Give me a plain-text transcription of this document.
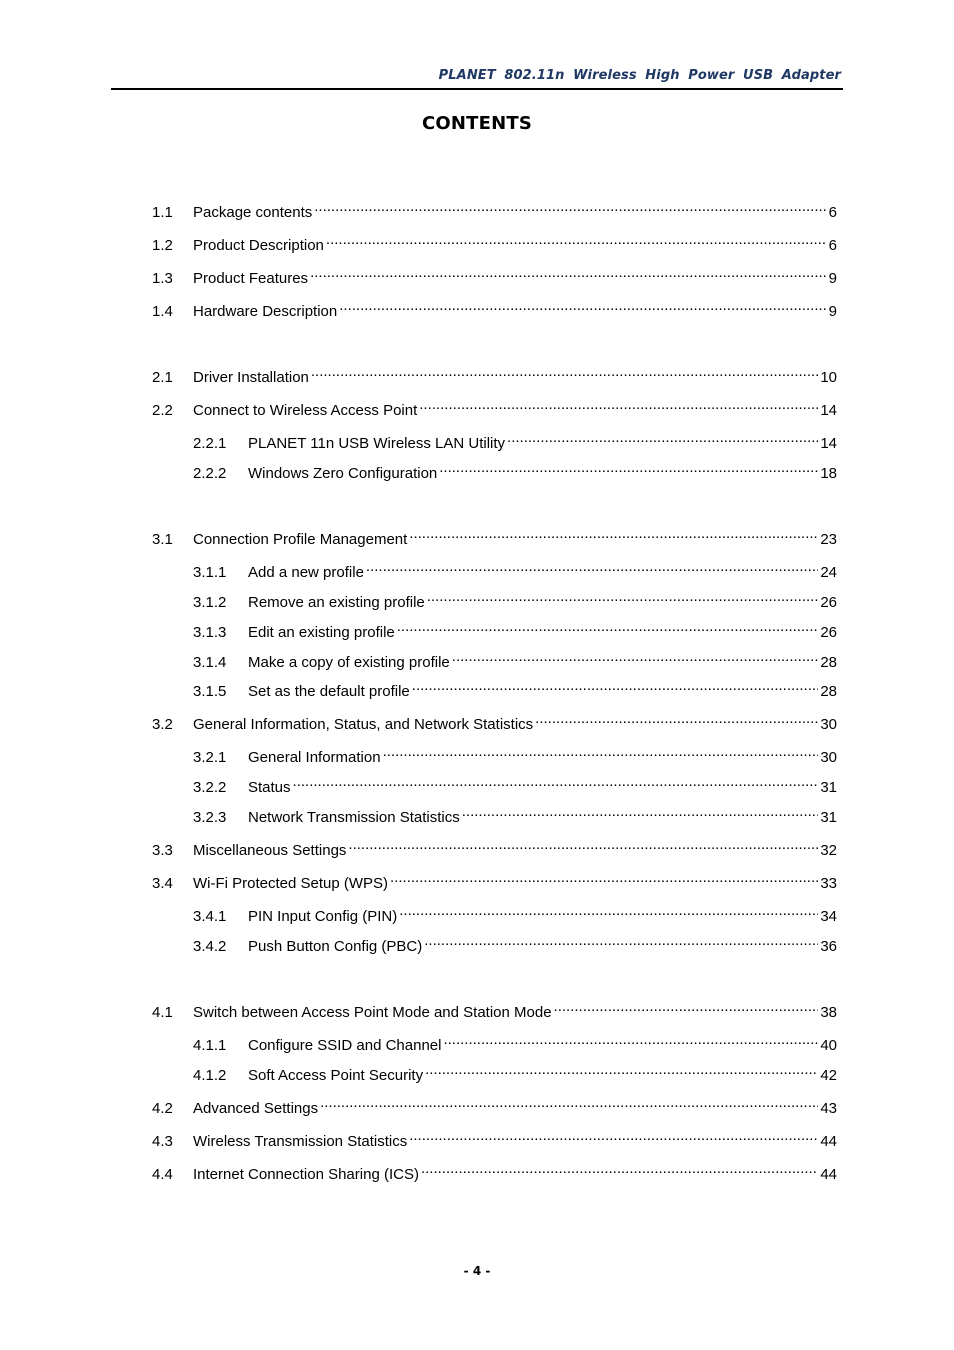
PLANET 802.11n Wireless High Power USB Adapter
CONTENTS
1.1	Package contents .....	6
1.2	Product Description .....	6
1.3	Product Features .....	9
1.4	Hardware Description .....	9
2.1	Driver Installation .....	10
2.2	Connect to Wireless Access Point .....	14
2.2.1	PLANET 11n USB Wireless LAN Utility .....	14
2.2.2	Windows Zero Configuration .....	18
3.1	Connection Profile Management .....	23
3.1.1	Add a new profile .....	24
3.1.2	Remove an existing profile .....	26
3.1.3	Edit an existing profile .....	26
3.1.4	Make a copy of existing profile .....	28
3.1.5	Set as the default profile .....	28
3.2	General Information, Status, and Network Statistics .....	30
3.2.1	General Information .....	30
3.2.2	Status .....	31
3.2.3	Network Transmission Statistics .....	31
3.3	Miscellaneous Settings .....	32
3.4	Wi-Fi Protected Setup (WPS) .....	33
3.4.1	PIN Input Config (PIN) .....	34
3.4.2	Push Button Config (PBC) .....	36
4.1	Switch between Access Point Mode and Station Mode .....	38
4.1.1	Configure SSID and Channel .....	40
4.1.2	Soft Access Point Security .....	42
4.2	Advanced Settings .....	43
4.3	Wireless Transmission Statistics .....	44
4.4	Internet Connection Sharing (ICS) .....	44
- 4 -
